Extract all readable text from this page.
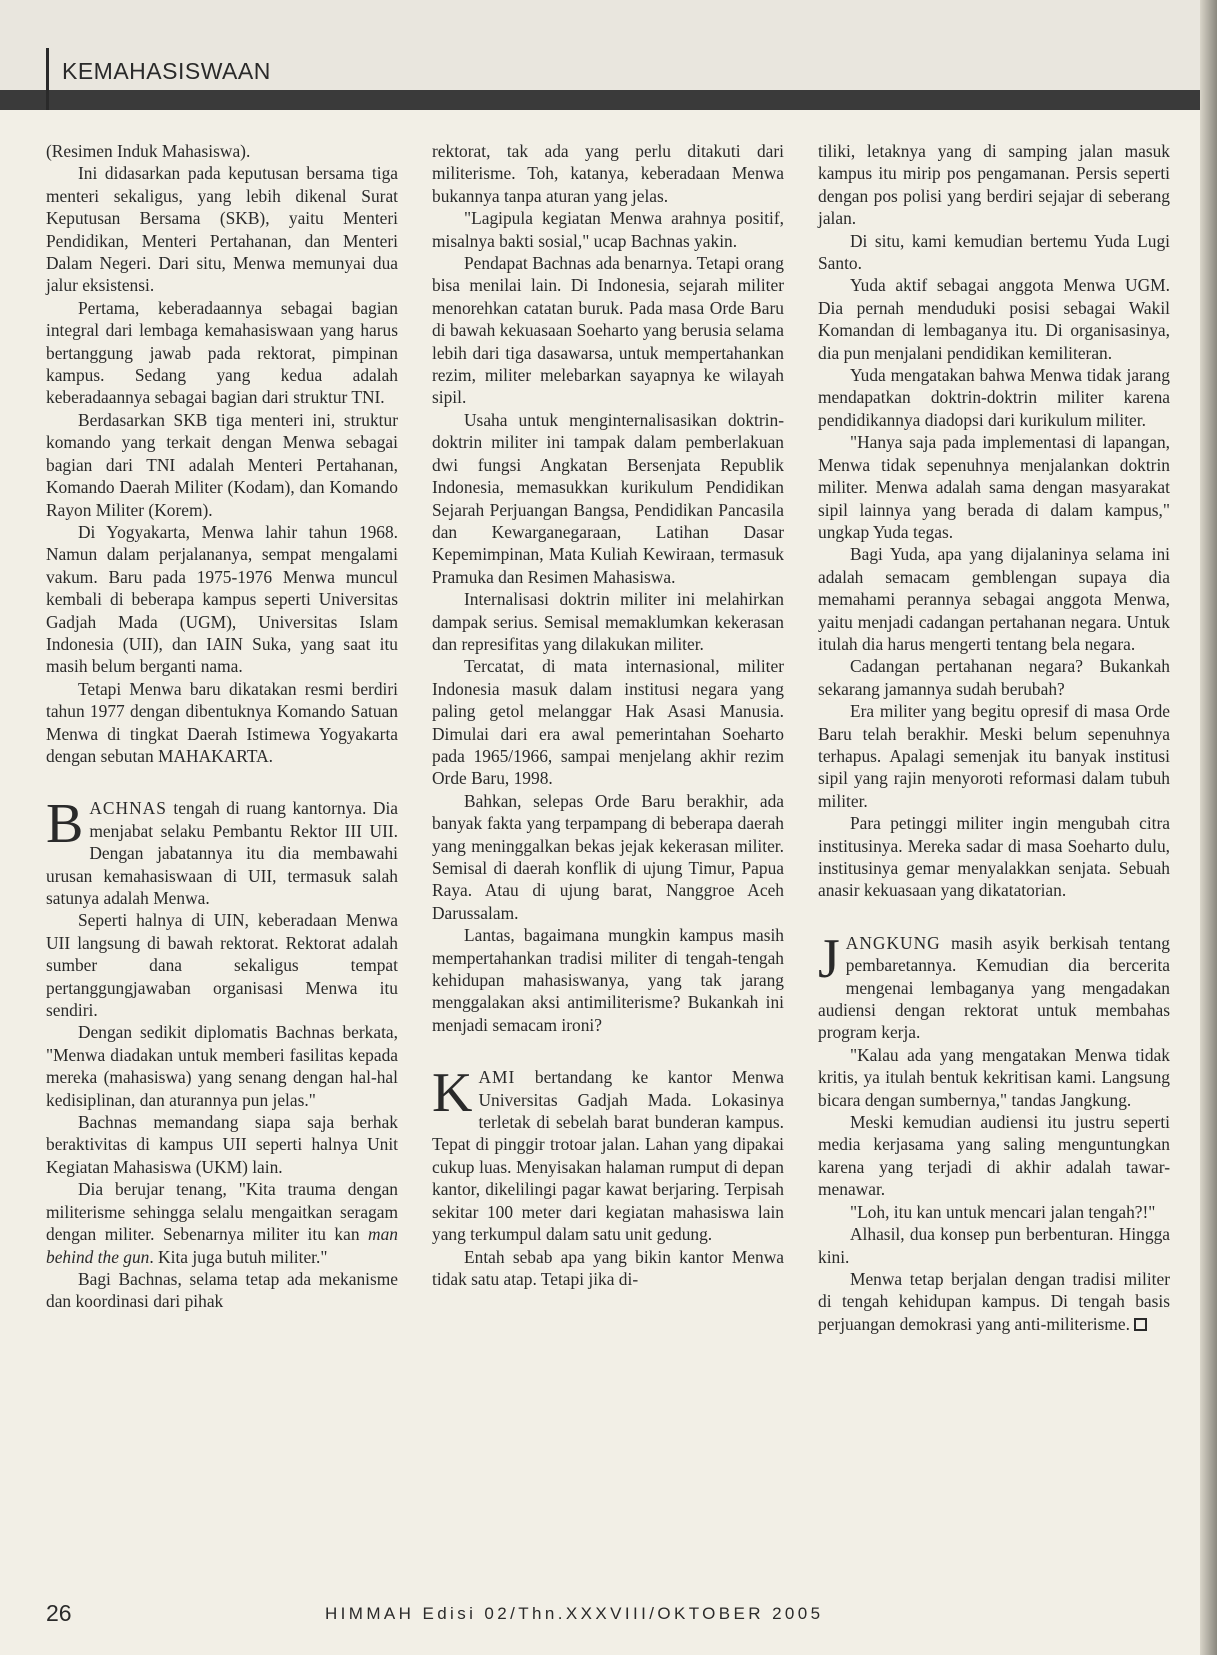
KEMAHASISWAAN

(Resimen Induk Mahasiswa).

Ini didasarkan pada keputusan bersama tiga menteri sekaligus, yang lebih dikenal Surat Keputusan Bersama (SKB), yaitu Menteri Pendidikan, Menteri Pertahanan, dan Menteri Dalam Negeri. Dari situ, Menwa memunyai dua jalur eksistensi.

Pertama, keberadaannya sebagai bagian integral dari lembaga kemahasiswaan yang harus bertanggung jawab pada rektorat, pimpinan kampus. Sedang yang kedua adalah keberadaannya sebagai bagian dari struktur TNI.

Berdasarkan SKB tiga menteri ini, struktur komando yang terkait dengan Menwa sebagai bagian dari TNI adalah Menteri Pertahanan, Komando Daerah Militer (Kodam), dan Komando Rayon Militer (Korem).

Di Yogyakarta, Menwa lahir tahun 1968. Namun dalam perjalananya, sempat mengalami vakum. Baru pada 1975-1976 Menwa muncul kembali di beberapa kampus seperti Universitas Gadjah Mada (UGM), Universitas Islam Indonesia (UII), dan IAIN Suka, yang saat itu masih belum berganti nama.

Tetapi Menwa baru dikatakan resmi berdiri tahun 1977 dengan dibentuknya Komando Satuan Menwa di tingkat Daerah Istimewa Yogyakarta dengan sebutan MAHAKARTA.

BACHNAS tengah di ruang kantornya. Dia menjabat selaku Pembantu Rektor III UII. Dengan jabatannya itu dia membawahi urusan kemahasiswaan di UII, termasuk salah satunya adalah Menwa.

Seperti halnya di UIN, keberadaan Menwa UII langsung di bawah rektorat. Rektorat adalah sumber dana sekaligus tempat pertanggungjawaban organisasi Menwa itu sendiri.

Dengan sedikit diplomatis Bachnas berkata, "Menwa diadakan untuk memberi fasilitas kepada mereka (mahasiswa) yang senang dengan hal-hal kedisiplinan, dan aturannya pun jelas."

Bachnas memandang siapa saja berhak beraktivitas di kampus UII seperti halnya Unit Kegiatan Mahasiswa (UKM) lain.

Dia berujar tenang, "Kita trauma dengan militerisme sehingga selalu mengaitkan seragam dengan militer. Sebenarnya militer itu kan man behind the gun. Kita juga butuh militer."

Bagi Bachnas, selama tetap ada mekanisme dan koordinasi dari pihak

rektorat, tak ada yang perlu ditakuti dari militerisme. Toh, katanya, keberadaan Menwa bukannya tanpa aturan yang jelas.

"Lagipula kegiatan Menwa arahnya positif, misalnya bakti sosial," ucap Bachnas yakin.

Pendapat Bachnas ada benarnya. Tetapi orang bisa menilai lain. Di Indonesia, sejarah militer menorehkan catatan buruk. Pada masa Orde Baru di bawah kekuasaan Soeharto yang berusia selama lebih dari tiga dasawarsa, untuk mempertahankan rezim, militer melebarkan sayapnya ke wilayah sipil.

Usaha untuk menginternalisasikan doktrin-doktrin militer ini tampak dalam pemberlakuan dwi fungsi Angkatan Bersenjata Republik Indonesia, memasukkan kurikulum Pendidikan Sejarah Perjuangan Bangsa, Pendidikan Pancasila dan Kewarganegaraan, Latihan Dasar Kepemimpinan, Mata Kuliah Kewiraan, termasuk Pramuka dan Resimen Mahasiswa.

Internalisasi doktrin militer ini melahirkan dampak serius. Semisal memaklumkan kekerasan dan represifitas yang dilakukan militer.

Tercatat, di mata internasional, militer Indonesia masuk dalam institusi negara yang paling getol melanggar Hak Asasi Manusia. Dimulai dari era awal pemerintahan Soeharto pada 1965/1966, sampai menjelang akhir rezim Orde Baru, 1998.

Bahkan, selepas Orde Baru berakhir, ada banyak fakta yang terpampang di beberapa daerah yang meninggalkan bekas jejak kekerasan militer. Semisal di daerah konflik di ujung Timur, Papua Raya. Atau di ujung barat, Nanggroe Aceh Darussalam.

Lantas, bagaimana mungkin kampus masih mempertahankan tradisi militer di tengah-tengah kehidupan mahasiswanya, yang tak jarang menggalakan aksi antimiliterisme? Bukankah ini menjadi semacam ironi?

KAMI bertandang ke kantor Menwa Universitas Gadjah Mada. Lokasinya terletak di sebelah barat bunderan kampus. Tepat di pinggir trotoar jalan. Lahan yang dipakai cukup luas. Menyisakan halaman rumput di depan kantor, dikelilingi pagar kawat berjaring. Terpisah sekitar 100 meter dari kegiatan mahasiswa lain yang terkumpul dalam satu unit gedung.

Entah sebab apa yang bikin kantor Menwa tidak satu atap. Tetapi jika di-

tiliki, letaknya yang di samping jalan masuk kampus itu mirip pos pengamanan. Persis seperti dengan pos polisi yang berdiri sejajar di seberang jalan.

Di situ, kami kemudian bertemu Yuda Lugi Santo.

Yuda aktif sebagai anggota Menwa UGM. Dia pernah menduduki posisi sebagai Wakil Komandan di lembaganya itu. Di organisasinya, dia pun menjalani pendidikan kemiliteran.

Yuda mengatakan bahwa Menwa tidak jarang mendapatkan doktrin-doktrin militer karena pendidikannya diadopsi dari kurikulum militer.

"Hanya saja pada implementasi di lapangan, Menwa tidak sepenuhnya menjalankan doktrin militer. Menwa adalah sama dengan masyarakat sipil lainnya yang berada di dalam kampus," ungkap Yuda tegas.

Bagi Yuda, apa yang dijalaninya selama ini adalah semacam gemblengan supaya dia memahami perannya sebagai anggota Menwa, yaitu menjadi cadangan pertahanan negara. Untuk itulah dia harus mengerti tentang bela negara.

Cadangan pertahanan negara? Bukankah sekarang jamannya sudah berubah?

Era militer yang begitu opresif di masa Orde Baru telah berakhir. Meski belum sepenuhnya terhapus. Apalagi semenjak itu banyak institusi sipil yang rajin menyoroti reformasi dalam tubuh militer.

Para petinggi militer ingin mengubah citra institusinya. Mereka sadar di masa Soeharto dulu, institusinya gemar menyalakkan senjata. Sebuah anasir kekuasaan yang dikatatorian.

JANGKUNG masih asyik berkisah tentang pembaretannya. Kemudian dia bercerita mengenai lembaganya yang mengadakan audiensi dengan rektorat untuk membahas program kerja.

"Kalau ada yang mengatakan Menwa tidak kritis, ya itulah bentuk kekritisan kami. Langsung bicara dengan sumbernya," tandas Jangkung.

Meski kemudian audiensi itu justru seperti media kerjasama yang saling menguntungkan karena yang terjadi di akhir adalah tawar-menawar.

"Loh, itu kan untuk mencari jalan tengah?!"

Alhasil, dua konsep pun berbenturan. Hingga kini.

Menwa tetap berjalan dengan tradisi militer di tengah kehidupan kampus. Di tengah basis perjuangan demokrasi yang anti-militerisme.

26	HIMMAH Edisi 02/Thn.XXXVIII/OKTOBER 2005
